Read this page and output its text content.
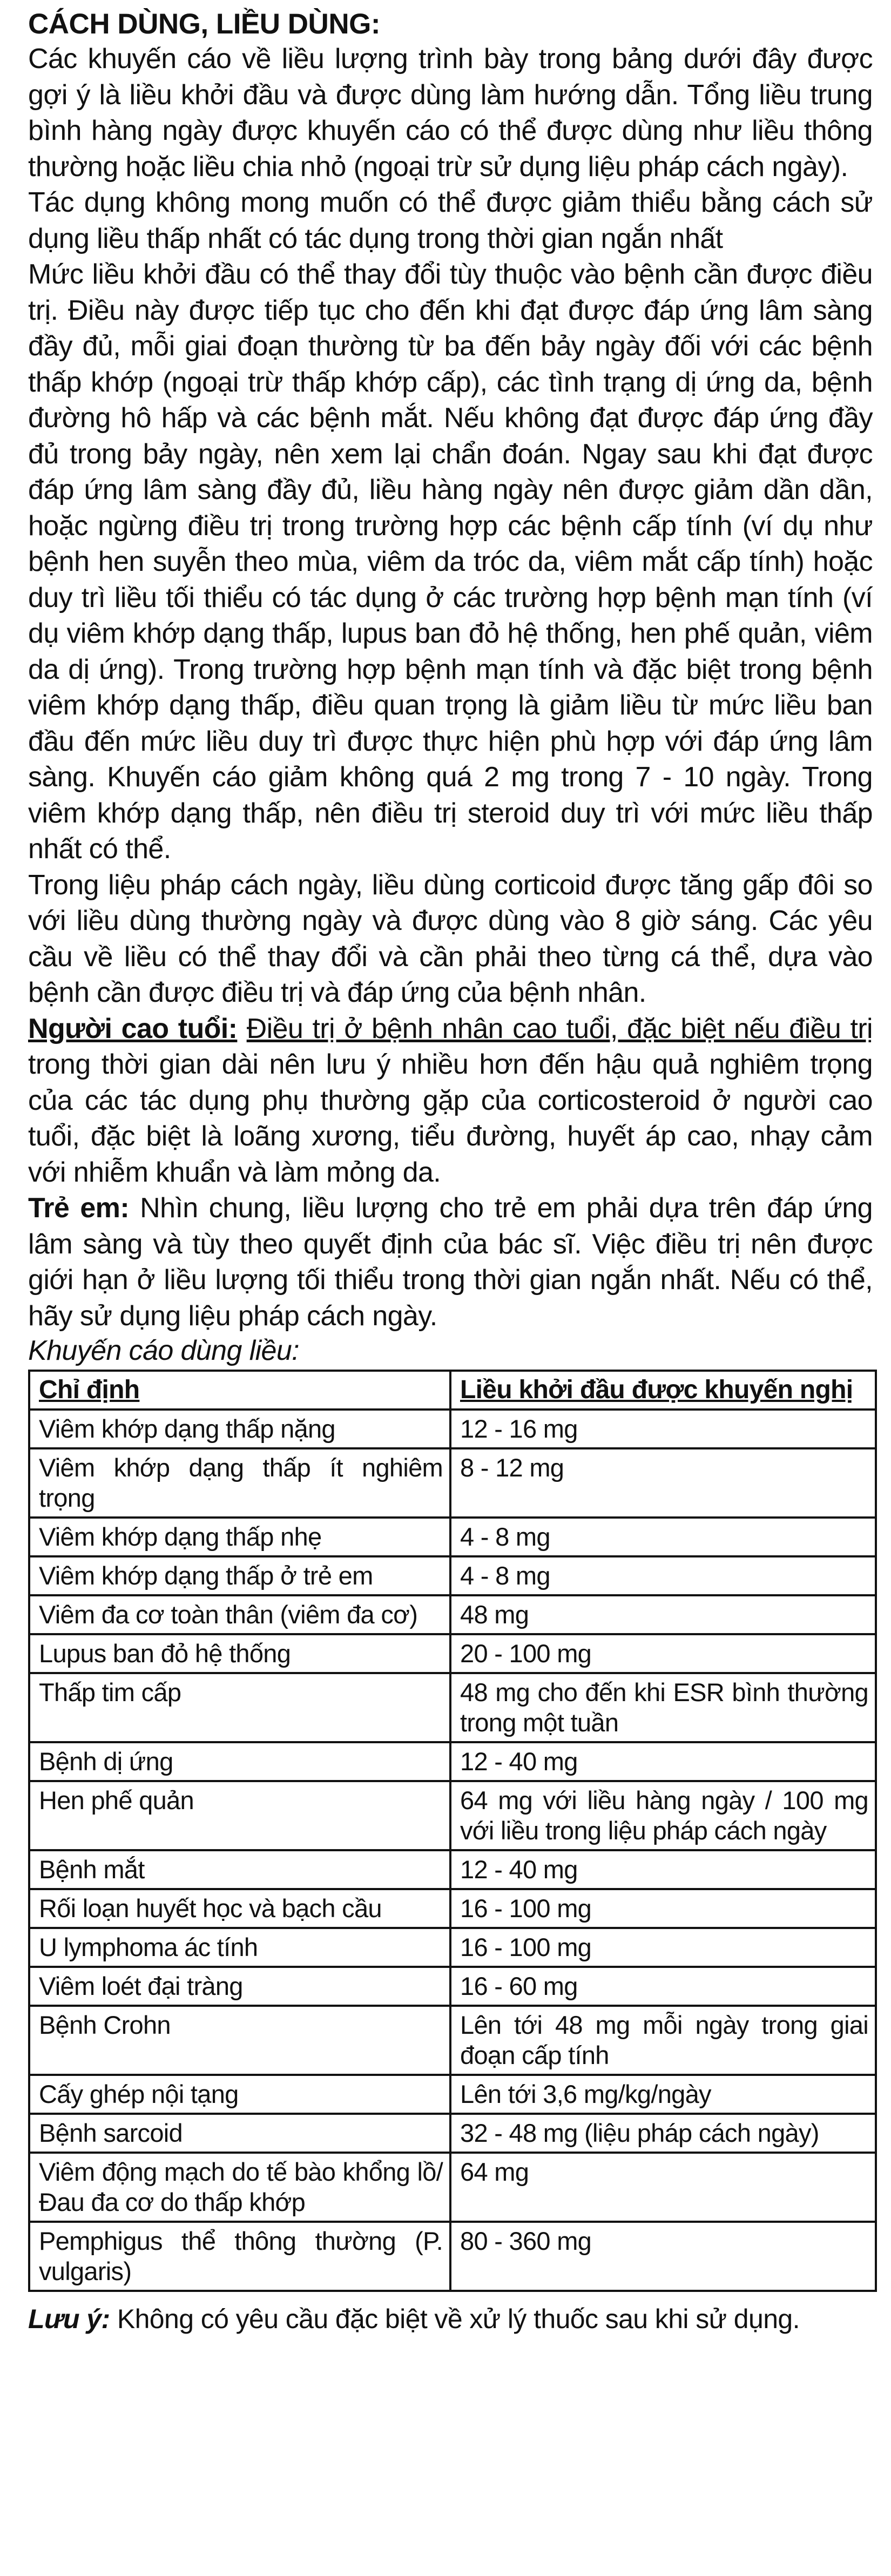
CÁCH DÙNG, LIỀU DÙNG:

Các khuyến cáo về liều lượng trình bày trong bảng dưới đây được gợi ý là liều khởi đầu và được dùng làm hướng dẫn. Tổng liều trung bình hàng ngày được khuyến cáo có thể được dùng như liều thông thường hoặc liều chia nhỏ (ngoại trừ sử dụng liệu pháp cách ngày).

Tác dụng không mong muốn có thể được giảm thiểu bằng cách sử dụng liều thấp nhất có tác dụng trong thời gian ngắn nhất

Mức liều khởi đầu có thể thay đổi tùy thuộc vào bệnh cần được điều trị. Điều này được tiếp tục cho đến khi đạt được đáp ứng lâm sàng đầy đủ, mỗi giai đoạn thường từ ba đến bảy ngày đối với các bệnh thấp khớp (ngoại trừ thấp khớp cấp), các tình trạng dị ứng da, bệnh đường hô hấp và các bệnh mắt. Nếu không đạt được đáp ứng đầy đủ trong bảy ngày, nên xem lại chẩn đoán. Ngay sau khi đạt được đáp ứng lâm sàng đầy đủ, liều hàng ngày nên được giảm dần dần, hoặc ngừng điều trị trong trường hợp các bệnh cấp tính (ví dụ như bệnh hen suyễn theo mùa, viêm da tróc da, viêm mắt cấp tính) hoặc duy trì liều tối thiểu có tác dụng ở các trường hợp bệnh mạn tính (ví dụ viêm khớp dạng thấp, lupus ban đỏ hệ thống, hen phế quản, viêm da dị ứng). Trong trường hợp bệnh mạn tính và đặc biệt trong bệnh viêm khớp dạng thấp, điều quan trọng là giảm liều từ mức liều ban đầu đến mức liều duy trì được thực hiện phù hợp với đáp ứng lâm sàng. Khuyến cáo giảm không quá 2 mg trong 7 - 10 ngày. Trong viêm khớp dạng thấp, nên điều trị steroid duy trì với mức liều thấp nhất có thể.

Trong liệu pháp cách ngày, liều dùng corticoid được tăng gấp đôi so với liều dùng thường ngày và được dùng vào 8 giờ sáng. Các yêu cầu về liều có thể thay đổi và cần phải theo từng cá thể, dựa vào bệnh cần được điều trị và đáp ứng của bệnh nhân.

Người cao tuổi: Điều trị ở bệnh nhân cao tuổi, đặc biệt nếu điều trị trong thời gian dài nên lưu ý nhiều hơn đến hậu quả nghiêm trọng của các tác dụng phụ thường gặp của corticosteroid ở người cao tuổi, đặc biệt là loãng xương, tiểu đường, huyết áp cao, nhạy cảm với nhiễm khuẩn và làm mỏng da.

Trẻ em: Nhìn chung, liều lượng cho trẻ em phải dựa trên đáp ứng lâm sàng và tùy theo quyết định của bác sĩ. Việc điều trị nên được giới hạn ở liều lượng tối thiểu trong thời gian ngắn nhất. Nếu có thể, hãy sử dụng liệu pháp cách ngày.

Khuyến cáo dùng liều:

Chỉ định	Liều khởi đầu được khuyến nghị
Viêm khớp dạng thấp nặng	12 - 16 mg
Viêm khớp dạng thấp ít nghiêm trọng	8 - 12 mg
Viêm khớp dạng thấp nhẹ	4 - 8 mg
Viêm khớp dạng thấp ở trẻ em	4 - 8 mg
Viêm đa cơ toàn thân (viêm đa cơ)	48 mg
Lupus ban đỏ hệ thống	20 - 100 mg
Thấp tim cấp	48 mg cho đến khi ESR bình thường trong một tuần
Bệnh dị ứng	12 - 40 mg
Hen phế quản	64 mg với liều hàng ngày / 100 mg với liều trong liệu pháp cách ngày
Bệnh mắt	12 - 40 mg
Rối loạn huyết học và bạch cầu	16 - 100 mg
U lymphoma ác tính	16 - 100 mg
Viêm loét đại tràng	16 - 60 mg
Bệnh Crohn	Lên tới 48 mg mỗi ngày trong giai đoạn cấp tính
Cấy ghép nội tạng	Lên tới 3,6 mg/kg/ngày
Bệnh sarcoid	32 - 48 mg (liệu pháp cách ngày)
Viêm động mạch do tế bào khổng lồ/ Đau đa cơ do thấp khớp	64 mg
Pemphigus thể thông thường (P. vulgaris)	80 - 360 mg

Lưu ý: Không có yêu cầu đặc biệt về xử lý thuốc sau khi sử dụng.
